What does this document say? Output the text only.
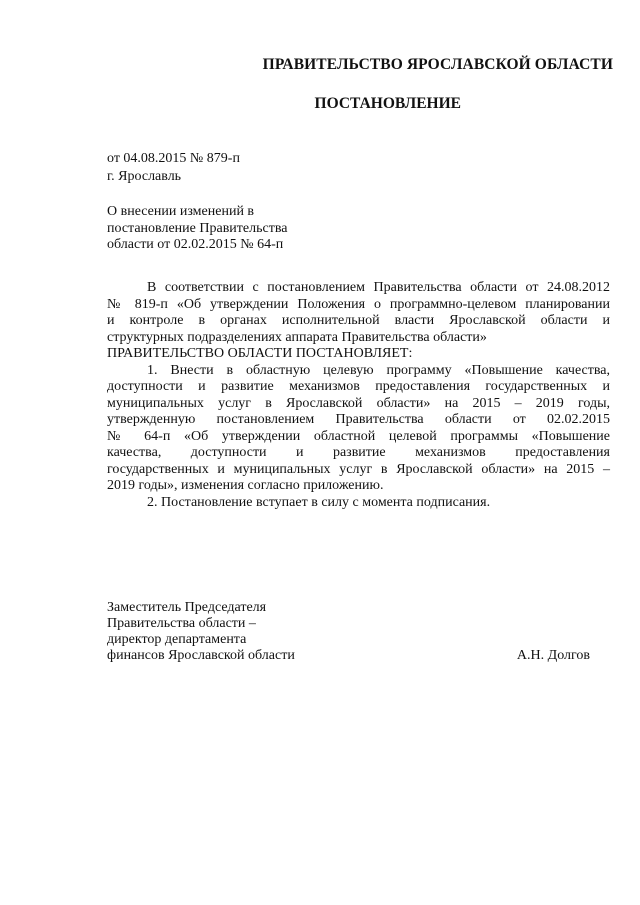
ПРАВИТЕЛЬСТВО ЯРОСЛАВСКОЙ ОБЛАСТИ
ПОСТАНОВЛЕНИЕ
от 04.08.2015 № 879-п
г. Ярославль
О внесении изменений в
постановление Правительства
области от 02.02.2015 № 64-п
В соответствии с постановлением Правительства области от 24.08.2012
№ 819-п «Об утверждении Положения о программно-целевом планировании
и контроле в органах исполнительной власти Ярославской области и
структурных подразделениях аппарата Правительства области»
ПРАВИТЕЛЬСТВО ОБЛАСТИ ПОСТАНОВЛЯЕТ:
1. Внести в областную целевую программу «Повышение качества,
доступности и развитие механизмов предоставления государственных и
муниципальных услуг в Ярославской области» на 2015 – 2019 годы,
утвержденную постановлением Правительства области от 02.02.2015
№ 64-п «Об утверждении областной целевой программы «Повышение
качества, доступности и развитие механизмов предоставления
государственных и муниципальных услуг в Ярославской области» на 2015 –
2019 годы», изменения согласно приложению.
2. Постановление вступает в силу с момента подписания.
Заместитель Председателя
Правительства области –
директор департамента
финансов Ярославской области	А.Н. Долгов
